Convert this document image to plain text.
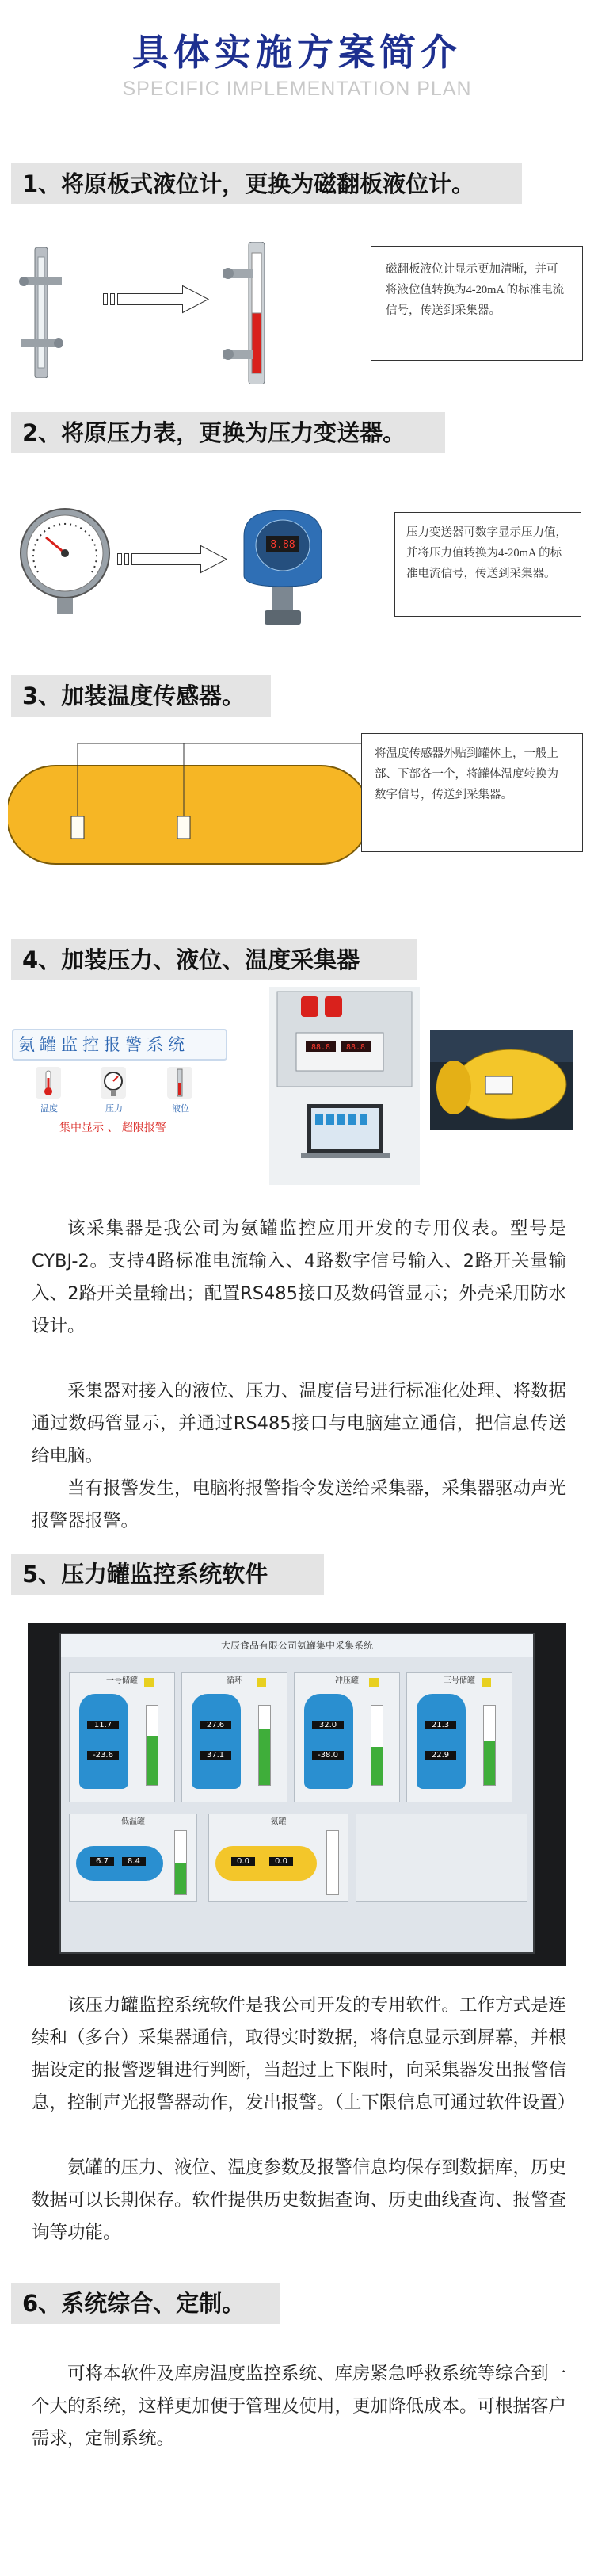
具体实施方案简介
SPECIFIC IMPLEMENTATION PLAN
1、将原板式液位计，更换为磁翻板液位计。
磁翻板液位计显示更加清晰，并可将液位值转换为4-20mA 的标准电流信号，传送到采集器。
2、将原压力表，更换为压力变送器。
8.88
压力变送器可数字显示压力值，并将压力值转换为4-20mA 的标准电流信号，传送到采集器。
3、加装温度传感器。
将温度传感器外贴到罐体上，一般上部、下部各一个，将罐体温度转换为数字信号，传送到采集器。
4、加装压力、液位、温度采集器
氨罐监控报警系统
温度	压力	液位
集中显示 、 超限报警
88.8 88.8
该采集器是我公司为氨罐监控应用开发的专用仪表。型号是CYBJ-2。支持4路标准电流输入、4路数字信号输入、2路开关量输入、2路开关量输出；配置RS485接口及数码管显示；外壳采用防水设计。
采集器对接入的液位、压力、温度信号进行标准化处理、将数据通过数码管显示，并通过RS485接口与电脑建立通信，把信息传送给电脑。
当有报警发生，电脑将报警指令发送给采集器，采集器驱动声光报警器报警。
5、压力罐监控系统软件
大辰食品有限公司氨罐集中采集系统
一号储罐
11.7
-23.6
循环
27.6
37.1
冲压罐
32.0
-38.0
三号储罐
21.3
22.9
低温罐
6.7	8.4
氨罐
0.0	0.0
该压力罐监控系统软件是我公司开发的专用软件。工作方式是连续和（多台）采集器通信，取得实时数据，将信息显示到屏幕，并根据设定的报警逻辑进行判断，当超过上下限时，向采集器发出报警信息，控制声光报警器动作，发出报警。（上下限信息可通过软件设置）
氨罐的压力、液位、温度参数及报警信息均保存到数据库，历史数据可以长期保存。软件提供历史数据查询、历史曲线查询、报警查询等功能。
6、系统综合、定制。
可将本软件及库房温度监控系统、库房紧急呼救系统等综合到一个大的系统，这样更加便于管理及使用，更加降低成本。可根据客户需求，定制系统。
